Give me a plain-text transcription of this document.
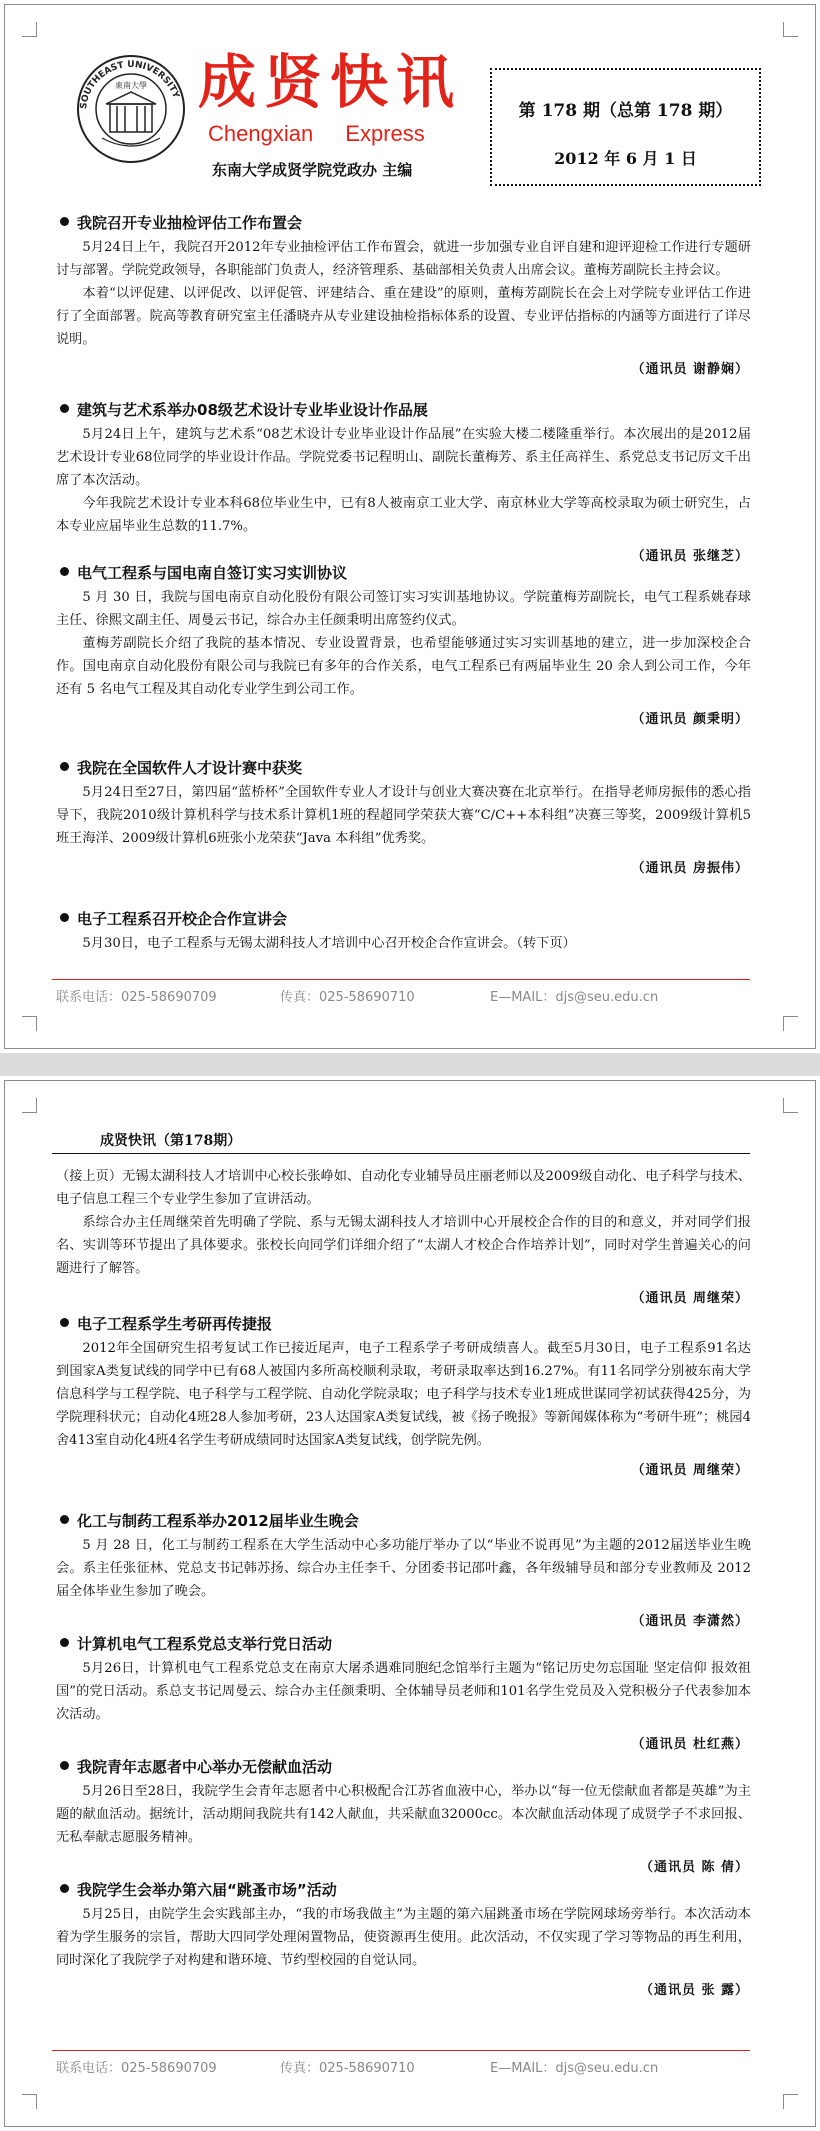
SOUTHEAST UNIVERSITY
東南大學 成贤快讯
Chengxian Express
东南大学成贤学院党政办 主编
第 178 期（总第 178 期）
2012 年 6 月 1 日
我院召开专业抽检评估工作布置会

5月24日上午，我院召开2012年专业抽检评估工作布置会，就进一步加强专业自评自建和迎评迎检工作进行专题研讨与部署。学院党政领导，各职能部门负责人，经济管理系、基础部相关负责人出席会议。董梅芳副院长主持会议。

本着“以评促建、以评促改、以评促管、评建结合、重在建设”的原则，董梅芳副院长在会上对学院专业评估工作进行了全面部署。院高等教育研究室主任潘晓卉从专业建设抽检指标体系的设置、专业评估指标的内涵等方面进行了详尽说明。

（通讯员 谢静娴）
建筑与艺术系举办08级艺术设计专业毕业设计作品展

5月24日上午，建筑与艺术系“08艺术设计专业毕业设计作品展”在实验大楼二楼隆重举行。本次展出的是2012届艺术设计专业68位同学的毕业设计作品。学院党委书记程明山、副院长董梅芳、系主任高祥生、系党总支书记厉文千出席了本次活动。

今年我院艺术设计专业本科68位毕业生中，已有8人被南京工业大学、南京林业大学等高校录取为硕士研究生，占本专业应届毕业生总数的11.7%。

（通讯员 张继芝）
电气工程系与国电南自签订实习实训协议

5 月 30 日，我院与国电南京自动化股份有限公司签订实习实训基地协议。学院董梅芳副院长，电气工程系姚春球主任、徐熙文副主任、周曼云书记，综合办主任颜秉明出席签约仪式。

董梅芳副院长介绍了我院的基本情况、专业设置背景，也希望能够通过实习实训基地的建立，进一步加深校企合作。国电南京自动化股份有限公司与我院已有多年的合作关系，电气工程系已有两届毕业生 20 余人到公司工作，今年还有 5 名电气工程及其自动化专业学生到公司工作。

（通讯员 颜秉明）
我院在全国软件人才设计赛中获奖

5月24日至27日，第四届“蓝桥杯”全国软件专业人才设计与创业大赛决赛在北京举行。在指导老师房振伟的悉心指导下，我院2010级计算机科学与技术系计算机1班的程超同学荣获大赛“C/C++本科组”决赛三等奖，2009级计算机5班王海洋、2009级计算机6班张小龙荣获“Java 本科组”优秀奖。

（通讯员 房振伟）
电子工程系召开校企合作宣讲会

5月30日，电子工程系与无锡太湖科技人才培训中心召开校企合作宣讲会。（转下页）

联系电话：025-58690709	传真：025-58690710	E—MAIL：djs@seu.edu.cn
成贤快讯（第178期）

（接上页）无锡太湖科技人才培训中心校长张峥如、自动化专业辅导员庄丽老师以及2009级自动化、电子科学与技术、电子信息工程三个专业学生参加了宣讲活动。

系综合办主任周继荣首先明确了学院、系与无锡太湖科技人才培训中心开展校企合作的目的和意义，并对同学们报名、实训等环节提出了具体要求。张校长向同学们详细介绍了“太湖人才校企合作培养计划”，同时对学生普遍关心的问题进行了解答。

（通讯员 周继荣）
电子工程系学生考研再传捷报

2012年全国研究生招考复试工作已接近尾声，电子工程系学子考研成绩喜人。截至5月30日，电子工程系91名达到国家A类复试线的同学中已有68人被国内多所高校顺利录取，考研录取率达到16.27%。有11名同学分别被东南大学信息科学与工程学院、电子科学与工程学院、自动化学院录取；电子科学与技术专业1班成世谋同学初试获得425分，为学院理科状元；自动化4班28人参加考研，23人达国家A类复试线，被《扬子晚报》等新闻媒体称为“考研牛班”；桃园4舍413室自动化4班4名学生考研成绩同时达国家A类复试线，创学院先例。

（通讯员 周继荣）
化工与制药工程系举办2012届毕业生晚会

5 月 28 日，化工与制药工程系在大学生活动中心多功能厅举办了以“毕业不说再见”为主题的2012届送毕业生晚会。系主任张征林、党总支书记韩苏扬、综合办主任李千、分团委书记邵叶鑫，各年级辅导员和部分专业教师及 2012 届全体毕业生参加了晚会。

（通讯员 李潇然）
计算机电气工程系党总支举行党日活动

5月26日，计算机电气工程系党总支在南京大屠杀遇难同胞纪念馆举行主题为“铭记历史勿忘国耻 坚定信仰 报效祖国”的党日活动。系总支书记周曼云、综合办主任颜秉明、全体辅导员老师和101名学生党员及入党积极分子代表参加本次活动。

（通讯员 杜红燕）
我院青年志愿者中心举办无偿献血活动

5月26日至28日，我院学生会青年志愿者中心积极配合江苏省血液中心，举办以“每一位无偿献血者都是英雄”为主题的献血活动。据统计，活动期间我院共有142人献血，共采献血32000cc。本次献血活动体现了成贤学子不求回报、无私奉献志愿服务精神。

（通讯员 陈 倩）
我院学生会举办第六届“跳蚤市场”活动

5月25日，由院学生会实践部主办，“我的市场我做主”为主题的第六届跳蚤市场在学院网球场旁举行。本次活动本着为学生服务的宗旨，帮助大四同学处理闲置物品，使资源再生使用。此次活动，不仅实现了学习等物品的再生利用，同时深化了我院学子对构建和谐环境、节约型校园的自觉认同。

（通讯员 张 露）
联系电话：025-58690709	传真：025-58690710	E—MAIL：djs@seu.edu.cn
